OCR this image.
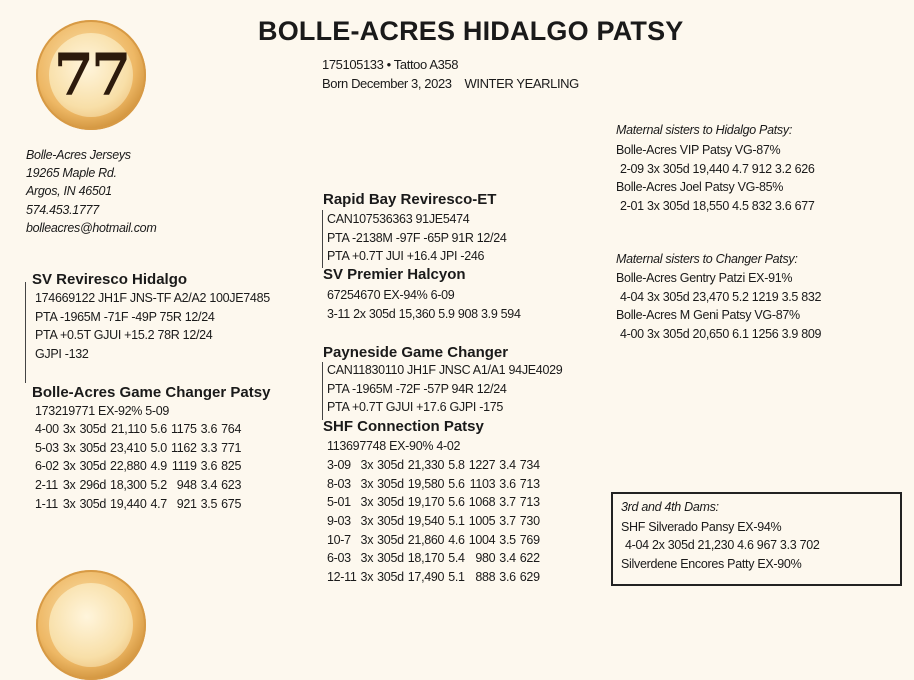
77
BOLLE-ACRES HIDALGO PATSY
175105133 • Tattoo A358
Born December 3, 2023 WINTER YEARLING
Bolle-Acres Jerseys
19265 Maple Rd.
Argos, IN 46501
574.453.1777
bolleacres@hotmail.com
SV Reviresco Hidalgo
174669122 JH1F JNS-TF A2/A2 100JE7485
PTA -1965M -71F -49P 75R 12/24
PTA +0.5T GJUI +15.2 78R 12/24
GJPI -132
Bolle-Acres Game Changer Patsy
173219771 EX-92% 5-09
4-00	3x	305d	21,110	5.6	1175	3.6	764
5-03	3x	305d	23,410	5.0	1162	3.3	771
6-02	3x	305d	22,880	4.9	1119	3.6	825
2-11	3x	296d	18,300	5.2	948	3.4	623
1-11	3x	305d	19,440	4.7	921	3.5	675
Rapid Bay Reviresco-ET
CAN107536363 91JE5474
PTA -2138M -97F -65P 91R 12/24
PTA +0.7T JUI +16.4 JPI -246
SV Premier Halcyon
67254670 EX-94% 6-09
3-11 2x 305d 15,360 5.9 908 3.9 594
Payneside Game Changer
CAN11830110 JH1F JNSC A1/A1 94JE4029
PTA -1965M -72F -57P 94R 12/24
PTA +0.7T GJUI +17.6 GJPI -175
SHF Connection Patsy
113697748 EX-90% 4-02
3-09	3x	305d	21,330	5.8	1227	3.4	734
8-03	3x	305d	19,580	5.6	1103	3.6	713
5-01	3x	305d	19,170	5.6	1068	3.7	713
9-03	3x	305d	19,540	5.1	1005	3.7	730
10-7	3x	305d	21,860	4.6	1004	3.5	769
6-03	3x	305d	18,170	5.4	980	3.4	622
12-11	3x	305d	17,490	5.1	888	3.6	629
Maternal sisters to Hidalgo Patsy:
Bolle-Acres VIP Patsy VG-87%
2-09 3x 305d 19,440 4.7 912 3.2 626
Bolle-Acres Joel Patsy VG-85%
2-01 3x 305d 18,550 4.5 832 3.6 677
Maternal sisters to Changer Patsy:
Bolle-Acres Gentry Patzi EX-91%
4-04 3x 305d 23,470 5.2 1219 3.5 832
Bolle-Acres M Geni Patsy VG-87%
4-00 3x 305d 20,650 6.1 1256 3.9 809
3rd and 4th Dams:
SHF Silverado Pansy EX-94%
4-04 2x 305d 21,230 4.6 967 3.3 702
Silverdene Encores Patty EX-90%
